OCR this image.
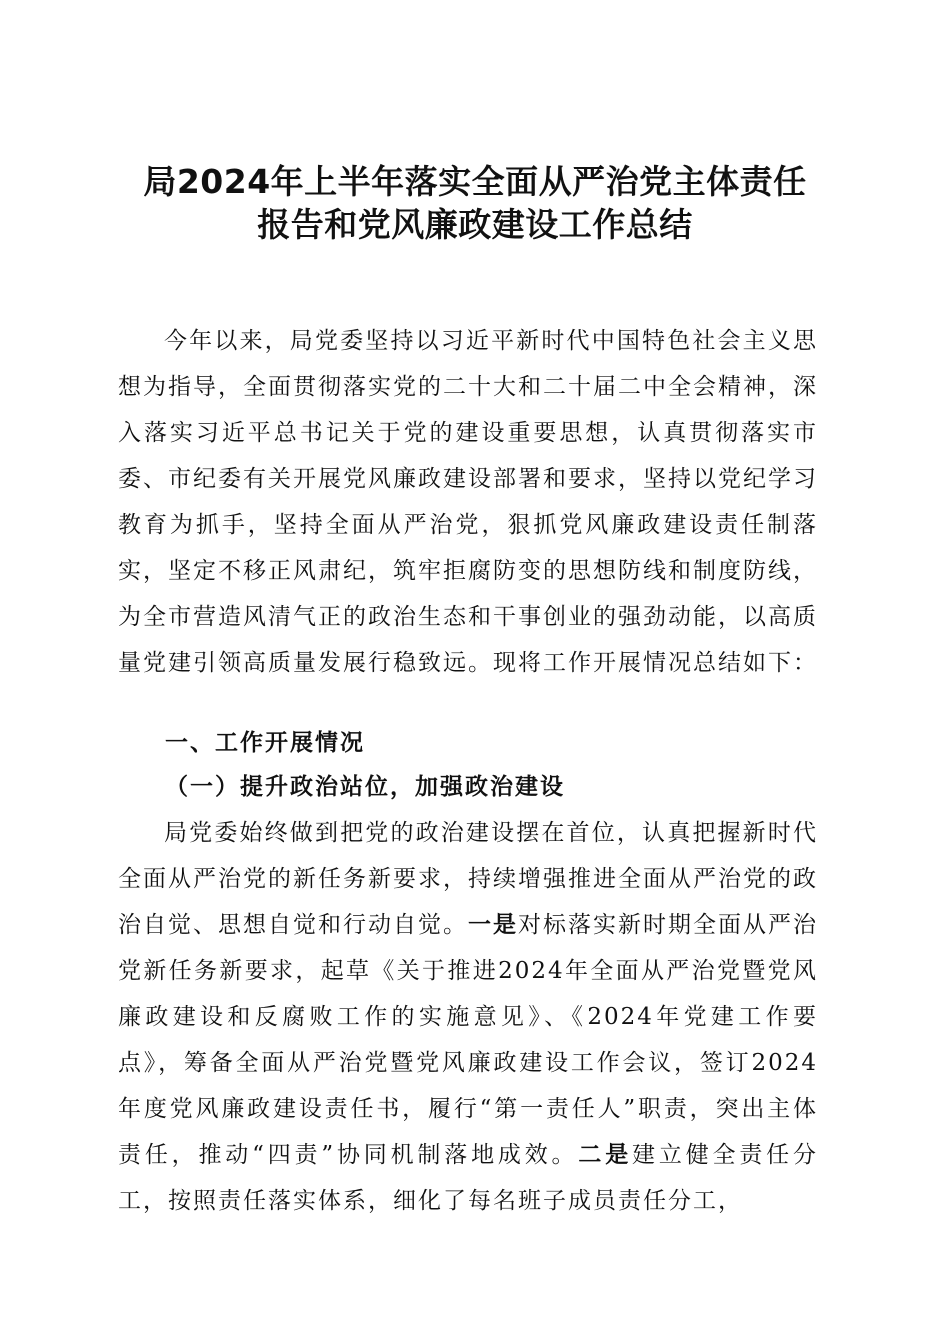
局2024年上半年落实全面从严治党主体责任
报告和党风廉政建设工作总结

今年以来，局党委坚持以习近平新时代中国特色社会主义思想为指导，全面贯彻落实党的二十大和二十届二中全会精神，深入落实习近平总书记关于党的建设重要思想，认真贯彻落实市委、市纪委有关开展党风廉政建设部署和要求，坚持以党纪学习教育为抓手，坚持全面从严治党，狠抓党风廉政建设责任制落实，坚定不移正风肃纪，筑牢拒腐防变的思想防线和制度防线，为全市营造风清气正的政治生态和干事创业的强劲动能，以高质量党建引领高质量发展行稳致远。现将工作开展情况总结如下：

一、工作开展情况
（一）提升政治站位，加强政治建设

局党委始终做到把党的政治建设摆在首位，认真把握新时代全面从严治党的新任务新要求，持续增强推进全面从严治党的政治自觉、思想自觉和行动自觉。一是对标落实新时期全面从严治党新任务新要求，起草《关于推进2024年全面从严治党暨党风廉政建设和反腐败工作的实施意见》、《2024年党建工作要点》，筹备全面从严治党暨党风廉政建设工作会议，签订2024年度党风廉政建设责任书，履行“第一责任人”职责，突出主体责任，推动“四责”协同机制落地成效。二是建立健全责任分工，按照责任落实体系，细化了每名班子成员责任分工，
